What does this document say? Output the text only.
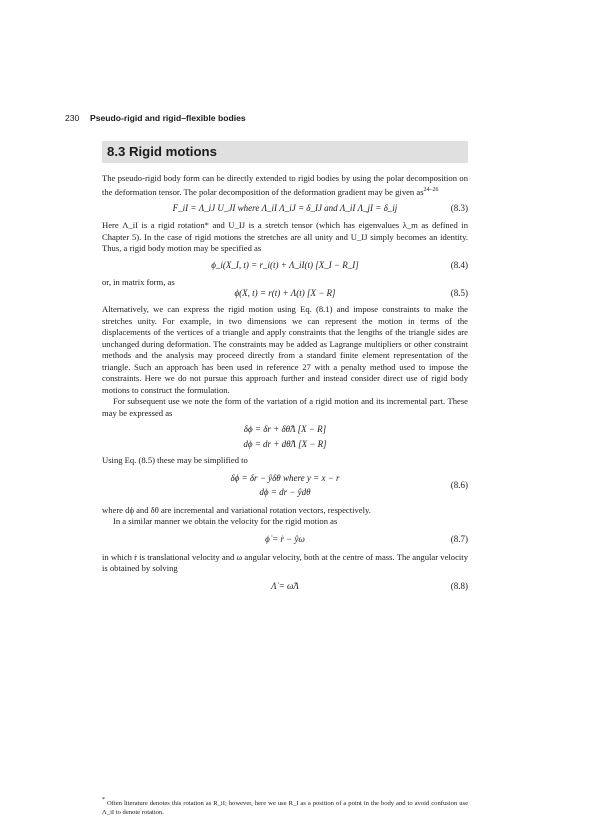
230 Pseudo-rigid and rigid–flexible bodies
8.3 Rigid motions

The pseudo-rigid body form can be directly extended to rigid bodies by using the polar decomposition on the deformation tensor. The polar decomposition of the deformation gradient may be given $as^{24-26}$

F_iI = Λ_iJ U_JI where Λ_iI Λ_iJ = δ_IJ and Λ_iI Λ_jI = δ_ij	(8.3)

Here Λ_iI is a rigid rotation* and U_IJ is a stretch tensor (which has eigenvalues λ_m as defined in Chapter 5). In the case of rigid motions the stretches are all unity and U_IJ simply becomes an identity. Thus, a rigid body motion may be specified as

ϕ_i(X_I, t) = r_i(t) + Λ_iI(t) [X_I − R_I]	(8.4)

or, in matrix form, as

ϕ(X, t) = r(t) + Λ(t) [X − R]	(8.5)

Alternatively, we can express the rigid motion using Eq. (8.1) and impose constraints to make the stretches unity. For example, in two dimensions we can represent the motion in terms of the displacements of the vertices of a triangle and apply constraints that the lengths of the triangle sides are unchanged during deformation. The constraints may be added as Lagrange multipliers or other constraint methods and the analysis may proceed directly from a standard finite element representation of the triangle. Such an approach has been used in reference 27 with a penalty method used to impose the constraints. Here we do not pursue this approach further and instead consider direct use of rigid body motions to construct the formulation.

For subsequent use we note the form of the variation of a rigid motion and its incremental part. These may be expressed as

δϕ = δr + δθ̂Λ [X − R]
dϕ = dr + dθ̂Λ [X − R]

Using Eq. (8.5) these may be simplified to

δϕ = δr − ŷδθ where y = x − r
dϕ = dr − ŷdθ
(8.6)

where dϕ and δθ are incremental and variational rotation vectors, respectively.

In a similar manner we obtain the velocity for the rigid motion as

ϕ̇ = ṙ − ŷω	(8.7)

in which ṙ is translational velocity and ω angular velocity, both at the centre of mass. The angular velocity is obtained by solving

Λ̇ = ω̂Λ	(8.8)
* Often literature denotes this rotation as R_iI; however, here we use R_I as a position of a point in the body and to avoid confusion use Λ_iI to denote rotation.
